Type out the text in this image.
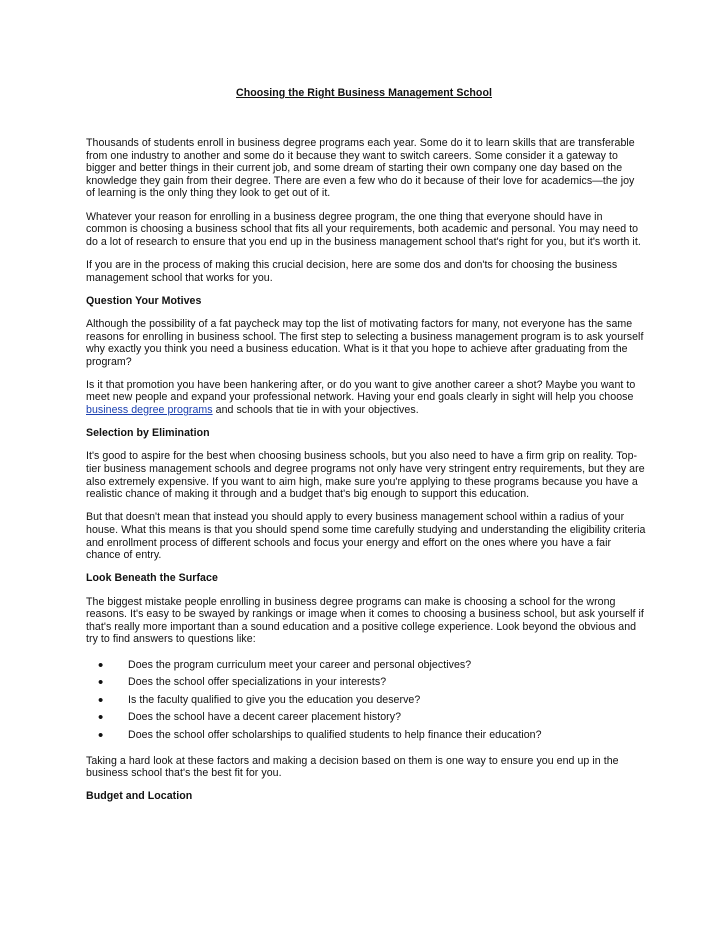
Choosing the Right Business Management School

Thousands of students enroll in business degree programs each year. Some do it to learn skills that are transferable from one industry to another and some do it because they want to switch careers. Some consider it a gateway to bigger and better things in their current job, and some dream of starting their own company one day based on the knowledge they gain from their degree. There are even a few who do it because of their love for academics—the joy of learning is the only thing they look to get out of it.

Whatever your reason for enrolling in a business degree program, the one thing that everyone should have in common is choosing a business school that fits all your requirements, both academic and personal. You may need to do a lot of research to ensure that you end up in the business management school that's right for you, but it's worth it.

If you are in the process of making this crucial decision, here are some dos and don'ts for choosing the business management school that works for you.

Question Your Motives

Although the possibility of a fat paycheck may top the list of motivating factors for many, not everyone has the same reasons for enrolling in business school. The first step to selecting a business management program is to ask yourself why exactly you think you need a business education. What is it that you hope to achieve after graduating from the program?

Is it that promotion you have been hankering after, or do you want to give another career a shot? Maybe you want to meet new people and expand your professional network. Having your end goals clearly in sight will help you choose business degree programs and schools that tie in with your objectives.

Selection by Elimination

It's good to aspire for the best when choosing business schools, but you also need to have a firm grip on reality. Top-tier business management schools and degree programs not only have very stringent entry requirements, but they are also extremely expensive. If you want to aim high, make sure you're applying to these programs because you have a realistic chance of making it through and a budget that's big enough to support this education.

But that doesn't mean that instead you should apply to every business management school within a radius of your house. What this means is that you should spend some time carefully studying and understanding the eligibility criteria and enrollment process of different schools and focus your energy and effort on the ones where you have a fair chance of entry.

Look Beneath the Surface

The biggest mistake people enrolling in business degree programs can make is choosing a school for the wrong reasons. It's easy to be swayed by rankings or image when it comes to choosing a business school, but ask yourself if that's really more important than a sound education and a positive college experience. Look beyond the obvious and try to find answers to questions like:

• Does the program curriculum meet your career and personal objectives?
• Does the school offer specializations in your interests?
• Is the faculty qualified to give you the education you deserve?
• Does the school have a decent career placement history?
• Does the school offer scholarships to qualified students to help finance their education?

Taking a hard look at these factors and making a decision based on them is one way to ensure you end up in the business school that's the best fit for you.

Budget and Location
